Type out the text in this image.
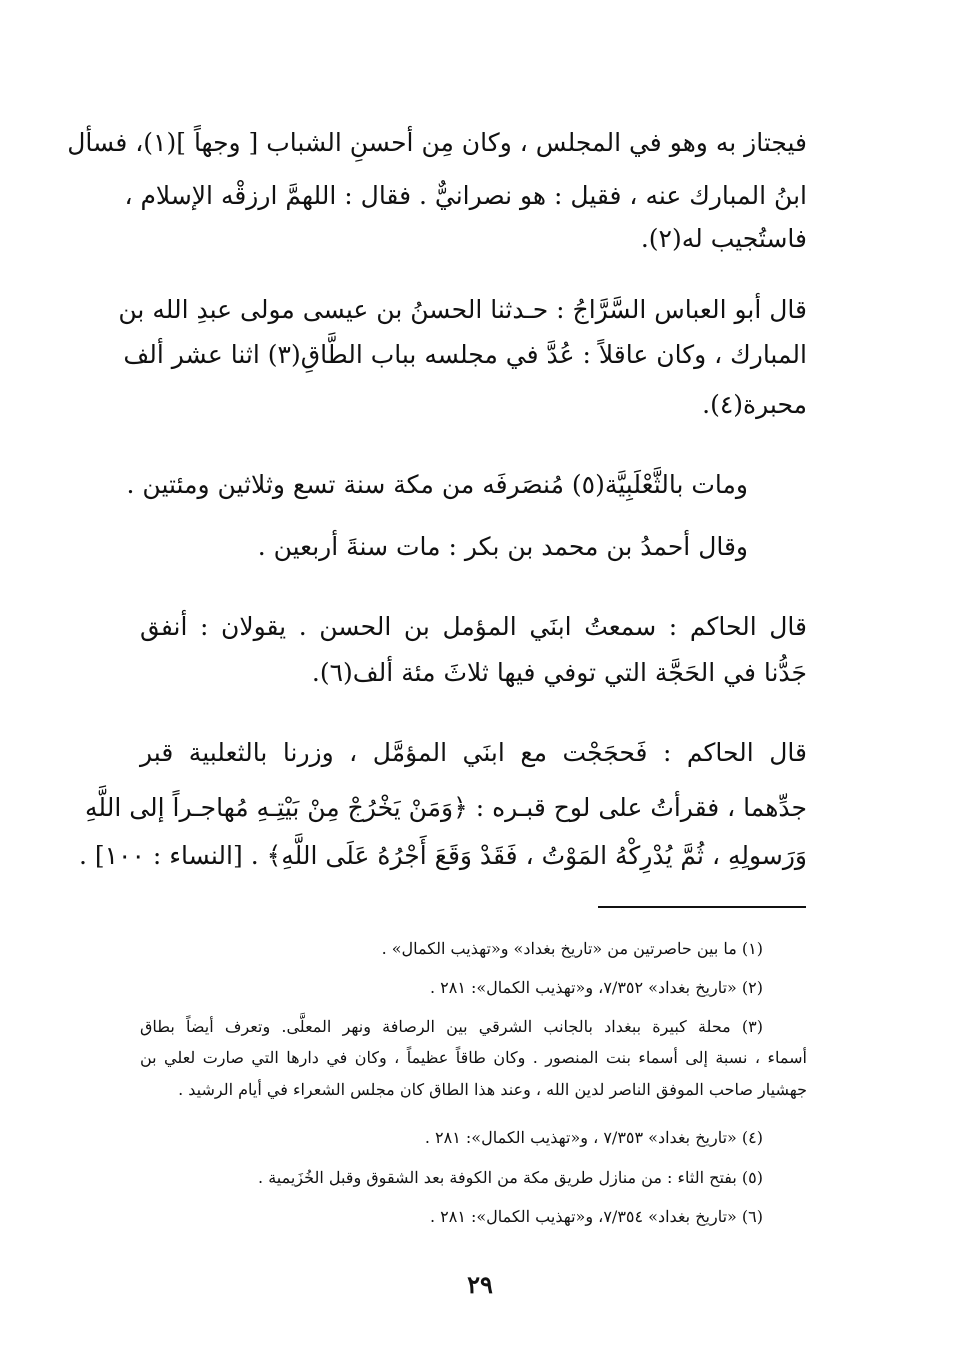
فيجتاز به وهو في المجلس ، وكان مِن أحسنِ الشباب [ وجهاً ](١)، فسأل
ابنُ المبارك عنه ، فقيل : هو نصرانيٌّ . فقال : اللهمَّ ارزقْه الإسلام ،
فاستُجيب له(٢).
قال أبو العباس السَّرَّاجُ : حـدثنا الحسنُ بن عيسى مولى عبدِ الله بن
المبارك ، وكان عاقلاً : عُدَّ في مجلسه بباب الطَّاقِ(٣) اثنا عشر ألف
محبرة(٤).
ومات بالثَّعْلَبِيَّة(٥) مُنصَرفَه من مكة سنة تسع وثلاثين ومئتين .
وقال أحمدُ بن محمد بن بكر : مات سنةَ أربعين .
قال الحاكم : سمعتُ ابنَي المؤمل بن الحسن . يقولان : أنفق
جَدُّنا في الحَجَّة التي توفي فيها ثلاثَ مئة ألف(٦).
قال الحاكم : فَحجَجْت مع ابنَي المؤمَّل ، وزرنا بالثعلبية قبر
جدِّهما ، فقرأتُ على لوح قبـره : ﴿وَمَنْ يَخْرُجْ مِنْ بَيْتِـهِ مُهاجـراً إلى اللَّهِ
وَرَسولِهِ ، ثُمَّ يُدْرِكْهُ المَوْتُ ، فَقَدْ وَقَعَ أَجْرُهُ عَلَى اللَّهِ﴾ . [النساء : ١٠٠] .
(١) ما بين حاصرتين من «تاريخ بغداد» و«تهذيب الكمال» .
(٢) «تاريخ بغداد» ٧/٣٥٢، و«تهذيب الكمال»: ٢٨١ .
(٣) محلة كبيرة ببغداد بالجانب الشرقي بين الرصافة ونهر المعلَّى. وتعرف أيضاً بطاق
أسماء ، نسبة إلى أسماء بنت المنصور . وكان طاقاً عظيماً ، وكان في دارها التي صارت لعلي بن
جهشيار صاحب الموفق الناصر لدين الله ، وعند هذا الطاق كان مجلس الشعراء في أيام الرشيد .
(٤) «تاريخ بغداد» ٧/٣٥٣ ، و«تهذيب الكمال»: ٢٨١ .
(٥) بفتح الثاء : من منازل طريق مكة من الكوفة بعد الشقوق وقبل الخُزَيمية .
(٦) «تاريخ بغداد» ٧/٣٥٤، و«تهذيب الكمال»: ٢٨١ .
٢٩
